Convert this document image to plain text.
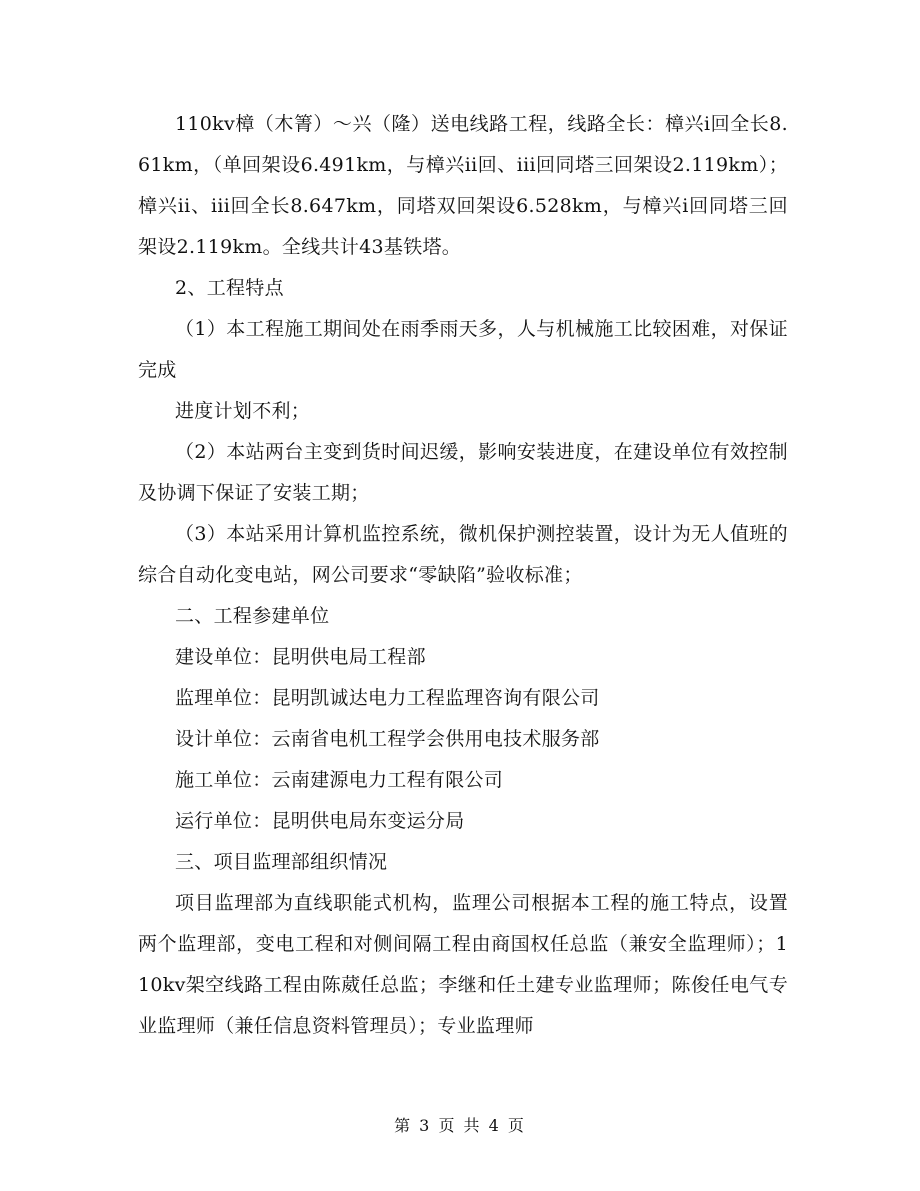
110kv樟（木箐）～兴（隆）送电线路工程，线路全长：樟兴i回全长8.61km，（单回架设6.491km，与樟兴ii回、iii回同塔三回架设2.119km）；樟兴ii、iii回全长8.647km，同塔双回架设6.528km，与樟兴i回同塔三回架设2.119km。全线共计43基铁塔。

2、工程特点

（1）本工程施工期间处在雨季雨天多，人与机械施工比较困难，对保证完成

进度计划不利；

（2）本站两台主变到货时间迟缓，影响安装进度，在建设单位有效控制及协调下保证了安装工期；

（3）本站采用计算机监控系统，微机保护测控装置，设计为无人值班的综合自动化变电站，网公司要求“零缺陷”验收标准；

二、工程参建单位

建设单位：昆明供电局工程部

监理单位：昆明凯诚达电力工程监理咨询有限公司

设计单位：云南省电机工程学会供用电技术服务部

施工单位：云南建源电力工程有限公司

运行单位：昆明供电局东变运分局

三、项目监理部组织情况

项目监理部为直线职能式机构，监理公司根据本工程的施工特点，设置两个监理部，变电工程和对侧间隔工程由商国权任总监（兼安全监理师）；110kv架空线路工程由陈葳任总监；李继和任土建专业监理师；陈俊任电气专业监理师（兼任信息资料管理员）；专业监理师

第 3 页 共 4 页
